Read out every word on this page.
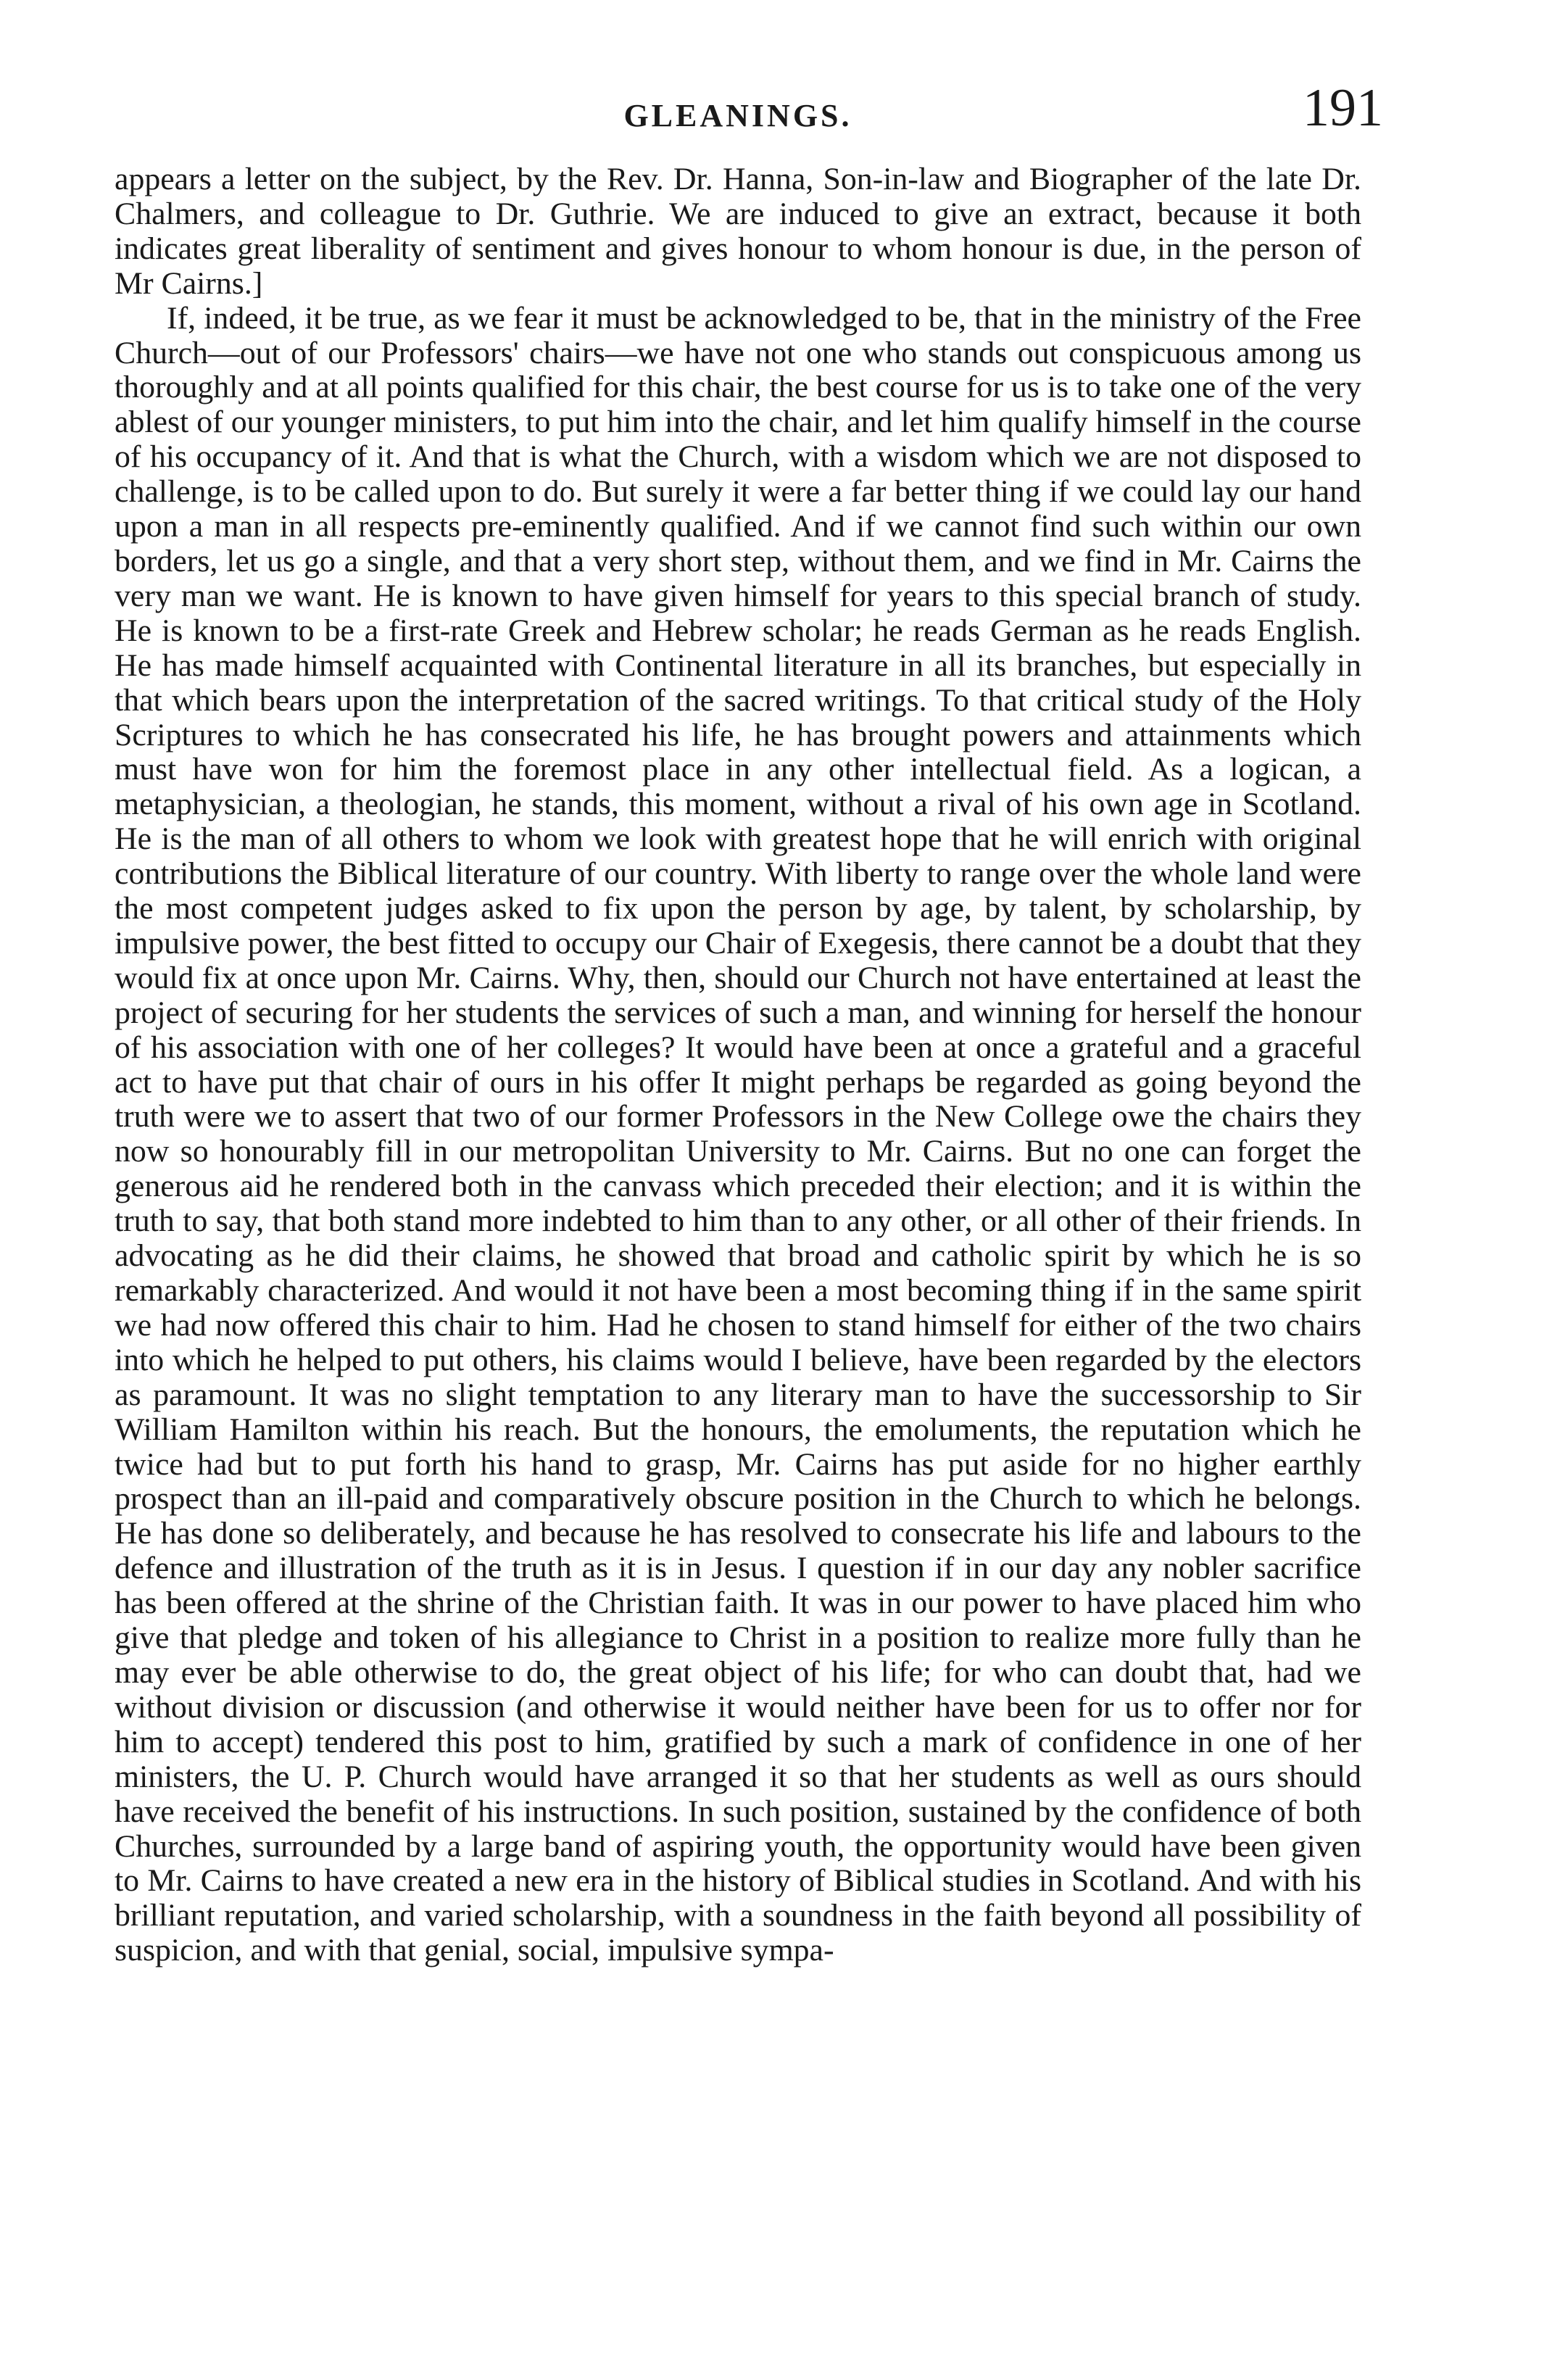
GLEANINGS.	191

appears a letter on the subject, by the Rev. Dr. Hanna, Son-in-law and Biographer of the late Dr. Chalmers, and colleague to Dr. Guthrie. We are induced to give an extract, because it both indicates great liberality of sentiment and gives honour to whom honour is due, in the person of Mr Cairns.]

If, indeed, it be true, as we fear it must be acknowledged to be, that in the ministry of the Free Church—out of our Professors' chairs—we have not one who stands out conspicuous among us thoroughly and at all points qualified for this chair, the best course for us is to take one of the very ablest of our younger ministers, to put him into the chair, and let him qualify himself in the course of his occupancy of it. And that is what the Church, with a wisdom which we are not disposed to challenge, is to be called upon to do. But surely it were a far better thing if we could lay our hand upon a man in all respects pre-eminently qualified. And if we cannot find such within our own borders, let us go a single, and that a very short step, without them, and we find in Mr. Cairns the very man we want. He is known to have given himself for years to this special branch of study. He is known to be a first-rate Greek and Hebrew scholar; he reads German as he reads English. He has made himself acquainted with Continental literature in all its branches, but especially in that which bears upon the interpretation of the sacred writings. To that critical study of the Holy Scriptures to which he has consecrated his life, he has brought powers and attainments which must have won for him the foremost place in any other intellectual field. As a logican, a metaphysician, a theologian, he stands, this moment, without a rival of his own age in Scotland. He is the man of all others to whom we look with greatest hope that he will enrich with original contributions the Biblical literature of our country. With liberty to range over the whole land were the most competent judges asked to fix upon the person by age, by talent, by scholarship, by impulsive power, the best fitted to occupy our Chair of Exegesis, there cannot be a doubt that they would fix at once upon Mr. Cairns. Why, then, should our Church not have entertained at least the project of securing for her students the services of such a man, and winning for herself the honour of his association with one of her colleges? It would have been at once a grateful and a graceful act to have put that chair of ours in his offer It might perhaps be regarded as going beyond the truth were we to assert that two of our former Professors in the New College owe the chairs they now so honourably fill in our metropolitan University to Mr. Cairns. But no one can forget the generous aid he rendered both in the canvass which preceded their election; and it is within the truth to say, that both stand more indebted to him than to any other, or all other of their friends. In advocating as he did their claims, he showed that broad and catholic spirit by which he is so remarkably characterized. And would it not have been a most becoming thing if in the same spirit we had now offered this chair to him. Had he chosen to stand himself for either of the two chairs into which he helped to put others, his claims would I believe, have been regarded by the electors as paramount. It was no slight temptation to any literary man to have the successorship to Sir William Hamilton within his reach. But the honours, the emoluments, the reputation which he twice had but to put forth his hand to grasp, Mr. Cairns has put aside for no higher earthly prospect than an ill-paid and comparatively obscure position in the Church to which he belongs. He has done so deliberately, and because he has resolved to consecrate his life and labours to the defence and illustration of the truth as it is in Jesus. I question if in our day any nobler sacrifice has been offered at the shrine of the Christian faith. It was in our power to have placed him who give that pledge and token of his allegiance to Christ in a position to realize more fully than he may ever be able otherwise to do, the great object of his life; for who can doubt that, had we without division or discussion (and otherwise it would neither have been for us to offer nor for him to accept) tendered this post to him, gratified by such a mark of confidence in one of her ministers, the U. P. Church would have arranged it so that her students as well as ours should have received the benefit of his instructions. In such position, sustained by the confidence of both Churches, surrounded by a large band of aspiring youth, the opportunity would have been given to Mr. Cairns to have created a new era in the history of Biblical studies in Scotland. And with his brilliant reputation, and varied scholarship, with a soundness in the faith beyond all possibility of suspicion, and with that genial, social, impulsive sympa-
